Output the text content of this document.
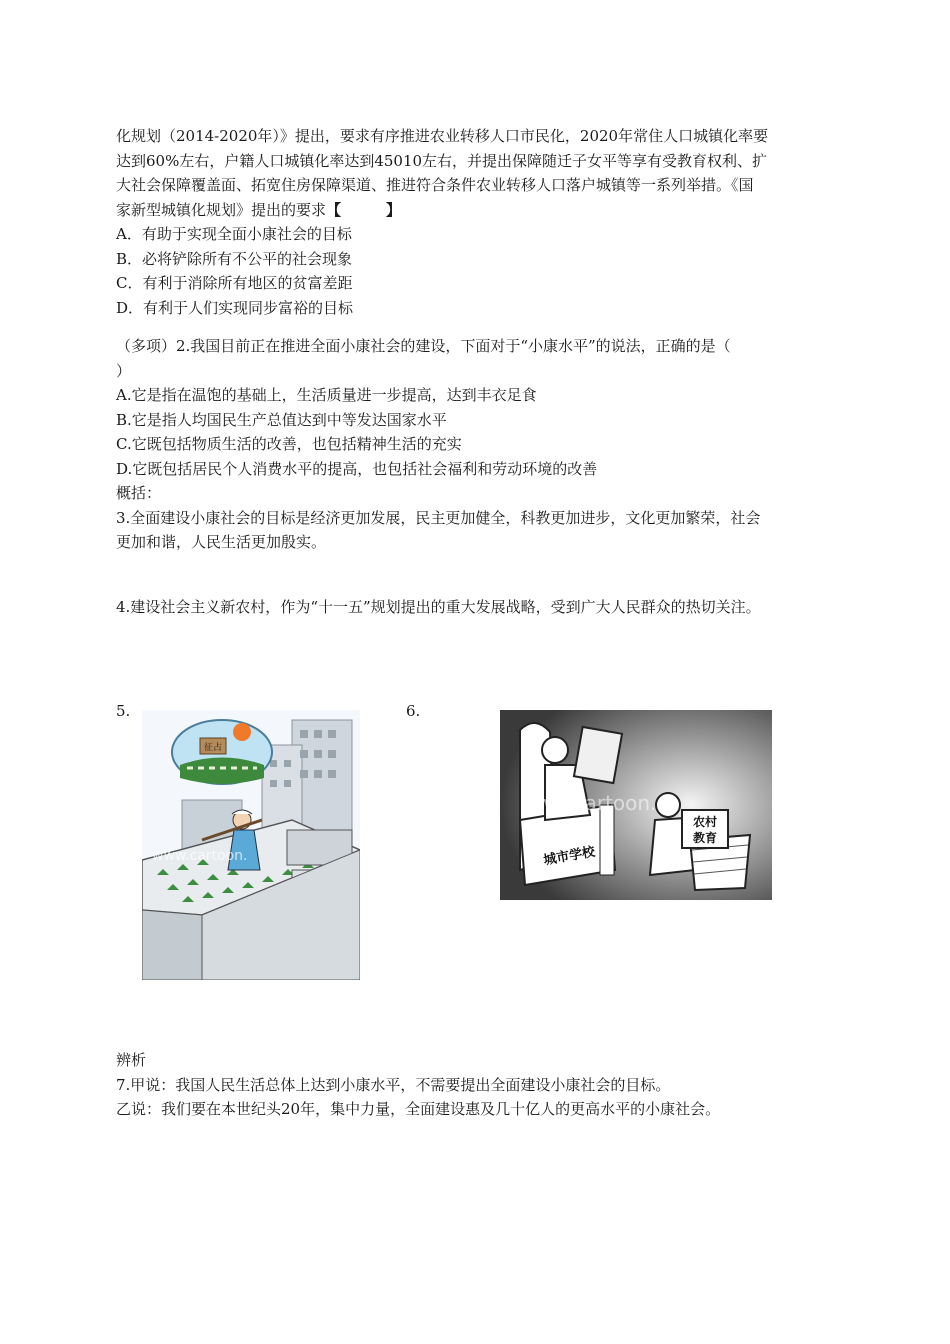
化规划（2014-2020年）》提出，要求有序推进农业转移人口市民化，2020年常住人口城镇化率要

达到60%左右，户籍人口城镇化率达到45010左右，并提出保障随迁子女平等享有受教育权利、扩

大社会保障覆盖面、拓宽住房保障渠道、推进符合条件农业转移人口落户城镇等一系列举措。《国

家新型城镇化规划》提出的要求【　　　】

A．有助于实现全面小康社会的目标

B．必将铲除所有不公平的社会现象

C．有利于消除所有地区的贫富差距

D．有利于人们实现同步富裕的目标

（多项）2.我国目前正在推进全面小康社会的建设，下面对于“小康水平”的说法，正确的是（

）

A.它是指在温饱的基础上，生活质量进一步提高，达到丰衣足食

B.它是指人均国民生产总值达到中等发达国家水平

C.它既包括物质生活的改善，也包括精神生活的充实

D.它既包括居民个人消费水平的提高，也包括社会福利和劳动环境的改善

概括：

3.全面建设小康社会的目标是经济更加发展，民主更加健全，科教更加进步，文化更加繁荣，社会

更加和谐，人民生活更加殷实。

4.建设社会主义新农村，作为“十一五”规划提出的重大发展战略，受到广大人民群众的热切关注。

5.
征占
www.cartoon.
6.
城市学校
农村
教育
www.cartoon.cn

辨析

7.甲说：我国人民生活总体上达到小康水平，不需要提出全面建设小康社会的目标。

乙说：我们要在本世纪头20年，集中力量，全面建设惠及几十亿人的更高水平的小康社会。
